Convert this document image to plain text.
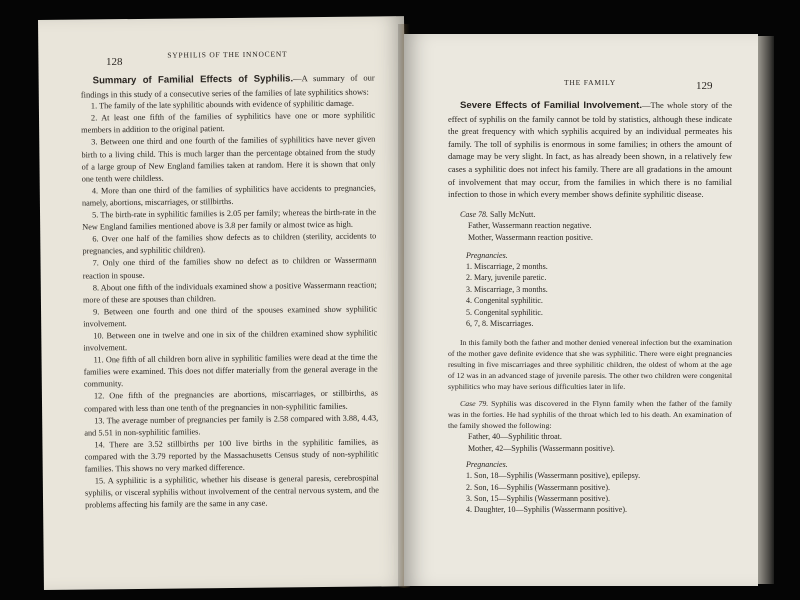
SYPHILIS OF THE INNOCENT

Summary of Familial Effects of Syphilis.—A summary of our findings in this study of a consecutive series of the families of late syphilitics shows:

1. The family of the late syphilitic abounds with evidence of syphilitic damage.

2. At least one fifth of the families of syphilitics have one or more syphilitic members in addition to the original patient.

3. Between one third and one fourth of the families of syphilitics have never given birth to a living child. This is much larger than the percentage obtained from the study of a large group of New England families taken at random. Here it is shown that only one tenth were childless.

4. More than one third of the families of syphilitics have accidents to pregnancies, namely, abortions, miscarriages, or stillbirths.

5. The birth-rate in syphilitic families is 2.05 per family; whereas the birth-rate in the New England families mentioned above is 3.8 per family or almost twice as high.

6. Over one half of the families show defects as to children (sterility, accidents to pregnancies, and syphilitic children).

7. Only one third of the families show no defect as to children or Wassermann reaction in spouse.

8. About one fifth of the individuals examined show a positive Wassermann reaction; more of these are spouses than children.

9. Between one fourth and one third of the spouses examined show syphilitic involvement.

10. Between one in twelve and one in six of the children examined show syphilitic involvement.

11. One fifth of all children born alive in syphilitic families were dead at the time the families were examined. This does not differ materially from the general average in the community.

12. One fifth of the pregnancies are abortions, miscarriages, or stillbirths, as compared with less than one tenth of the pregnancies in non-syphilitic families.

13. The average number of pregnancies per family is 2.58 compared with 3.88, 4.43, and 5.51 in non-syphilitic families.

14. There are 3.52 stillbirths per 100 live births in the syphilitic families, as compared with the 3.79 reported by the Massachusetts Census study of non-syphilitic families. This shows no very marked difference.

15. A syphilitic is a syphilitic, whether his disease is general paresis, cerebrospinal syphilis, or visceral syphilis without involvement of the central nervous system, and the problems affecting his family are the same in any case.

128
THE FAMILY

Severe Effects of Familial Involvement.—The whole story of the effect of syphilis on the family cannot be told by statistics, although these indicate the great frequency with which syphilis acquired by an individual permeates his family. The toll of syphilis is enormous in some families; in others the amount of damage may be very slight. In fact, as has already been shown, in a relatively few cases a syphilitic does not infect his family. There are all gradations in the amount of involvement that may occur, from the families in which there is no familial infection to those in which every member shows definite syphilitic disease.

Case 78. Sally McNutt.

Father, Wassermann reaction negative.

Mother, Wassermann reaction positive.

Pregnancies.

1. Miscarriage, 2 months.

2. Mary, juvenile paretic.

3. Miscarriage, 3 months.

4. Congenital syphilitic.

5. Congenital syphilitic.

6, 7, 8. Miscarriages.

In this family both the father and mother denied venereal infection but the examination of the mother gave definite evidence that she was syphilitic. There were eight pregnancies resulting in five miscarriages and three syphilitic children, the oldest of whom at the age of 12 was in an advanced stage of juvenile paresis. The other two children were congenital syphilitics who may have serious difficulties later in life.

Case 79. Syphilis was discovered in the Flynn family when the father of the family was in the forties. He had syphilis of the throat which led to his death. An examination of the family showed the following:

Father, 40—Syphilitic throat.

Mother, 42—Syphilis (Wassermann positive).

Pregnancies.

1. Son, 18—Syphilis (Wassermann positive), epilepsy.

2. Son, 16—Syphilis (Wassermann positive).

3. Son, 15—Syphilis (Wassermann positive).

4. Daughter, 10—Syphilis (Wassermann positive).

129
